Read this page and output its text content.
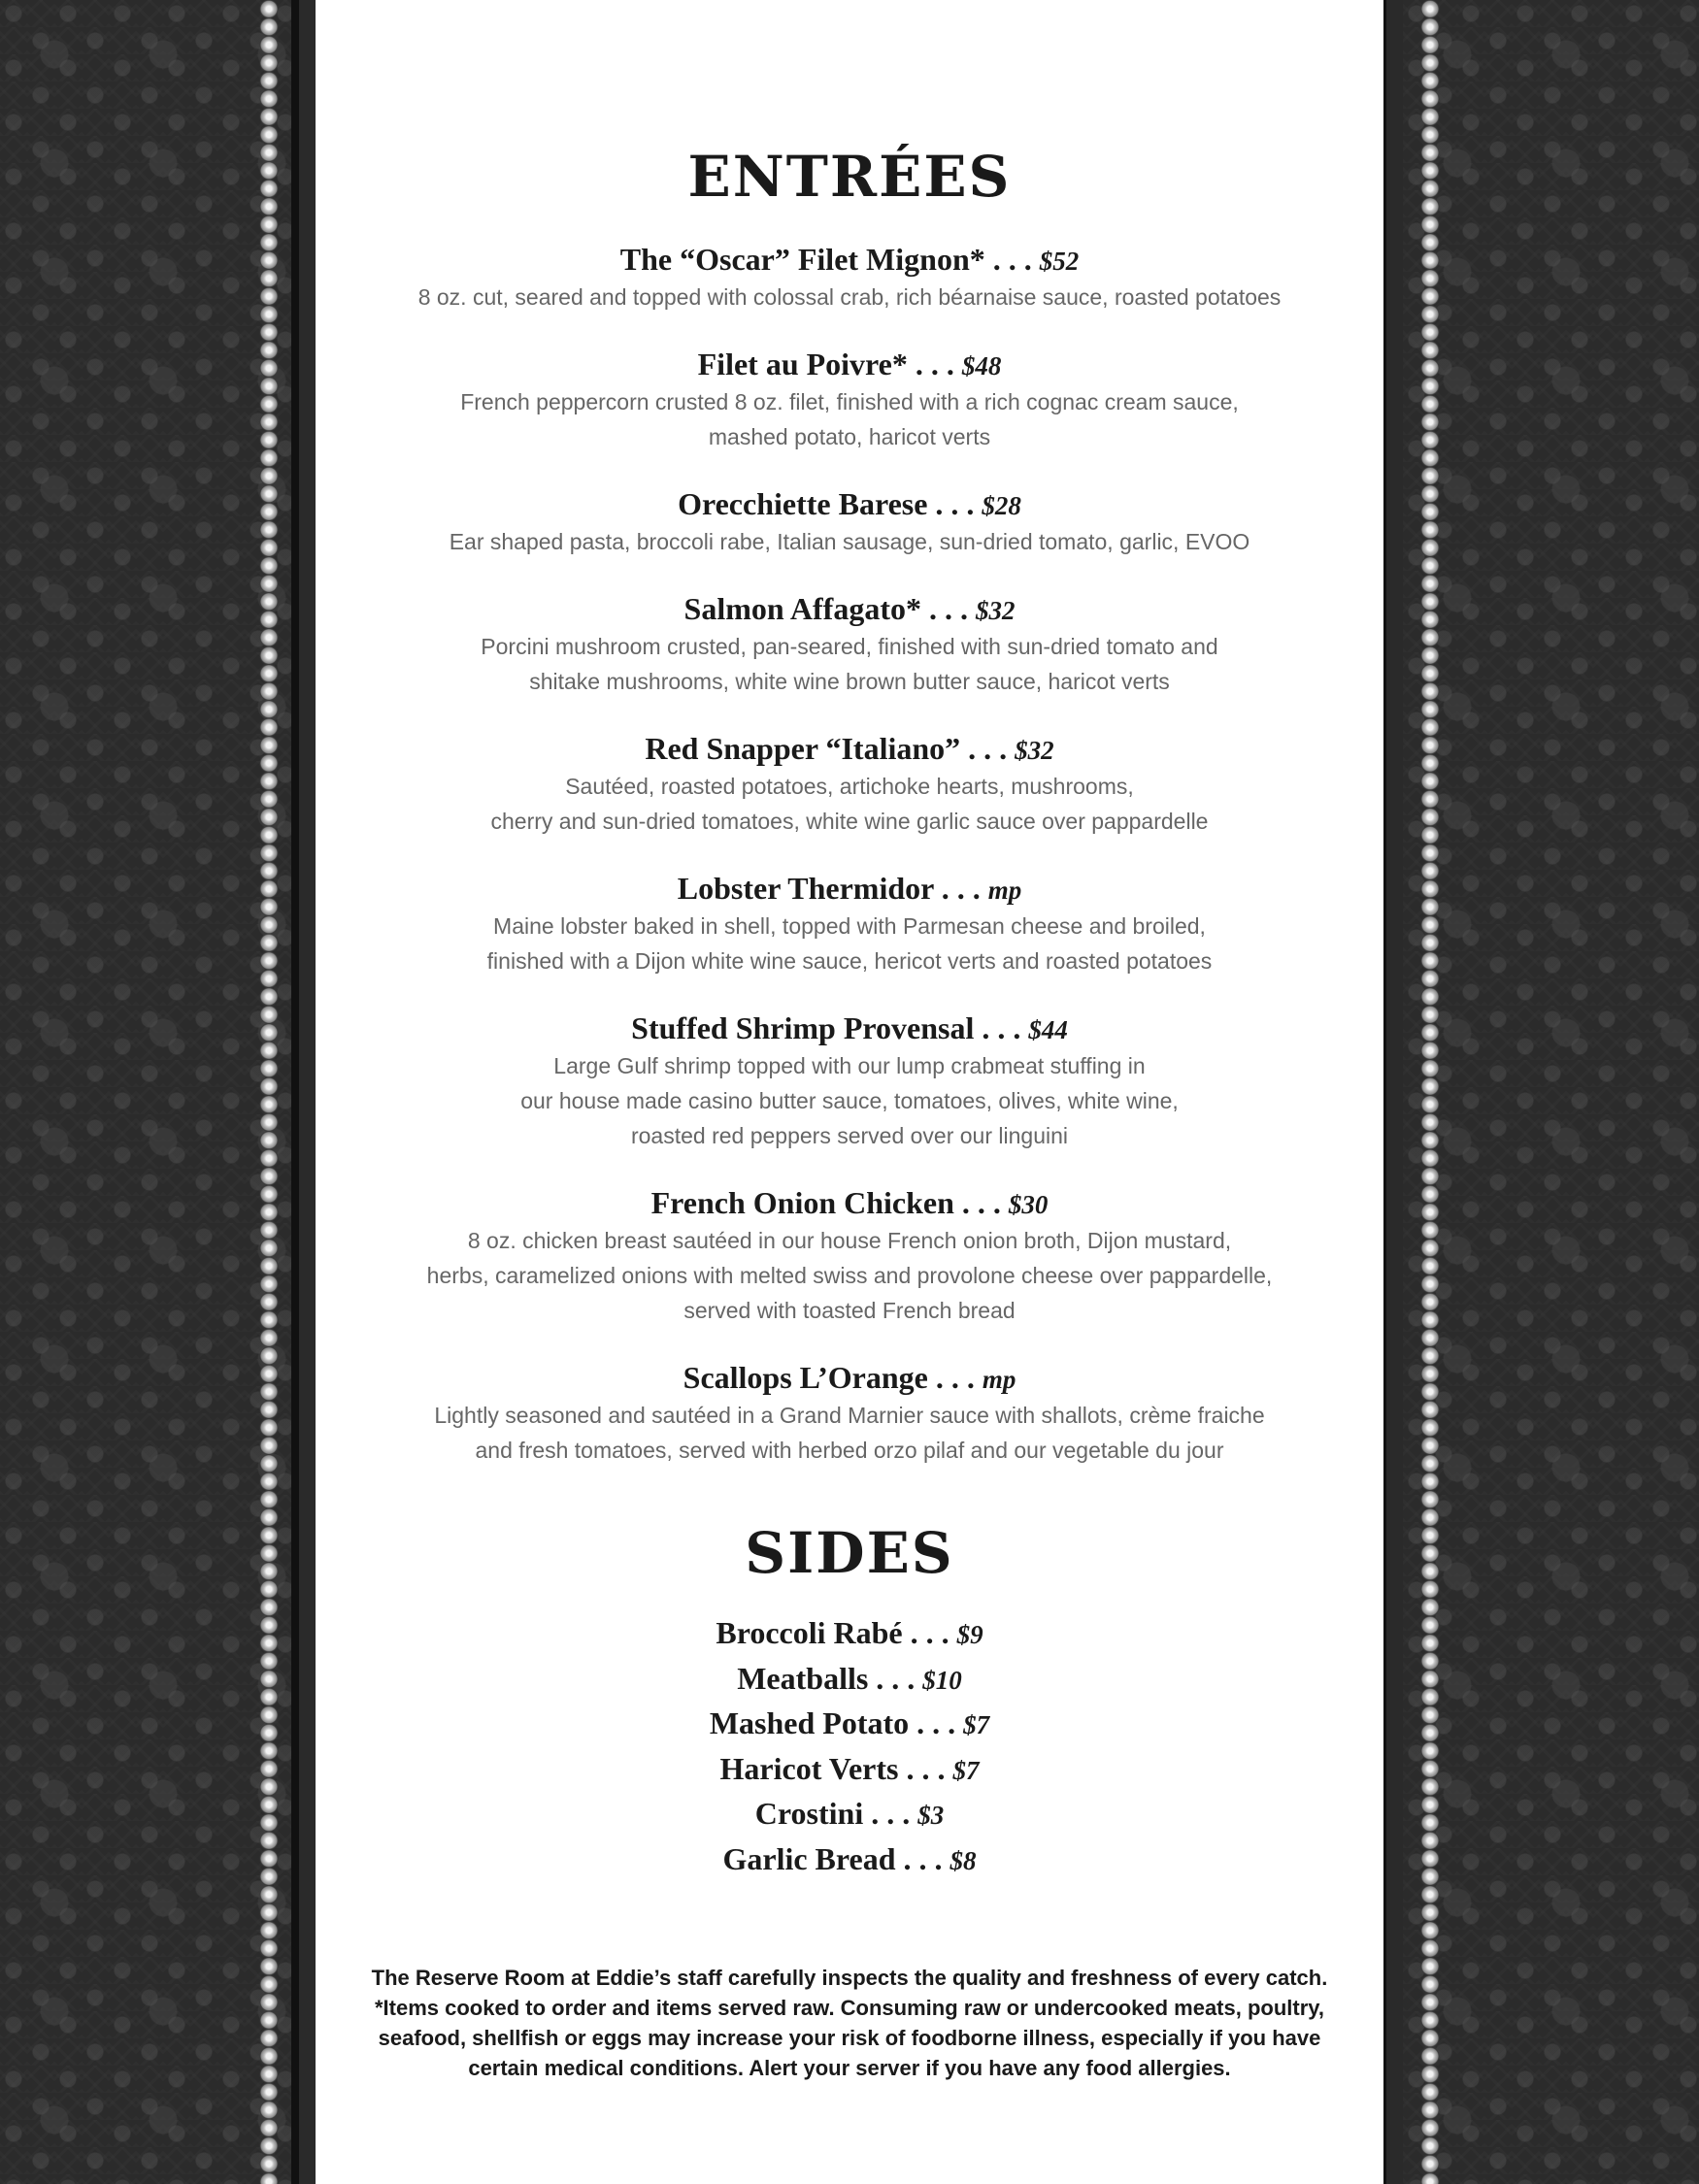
ENTRÉES
The “Oscar” Filet Mignon* . . . $52
8 oz. cut, seared and topped with colossal crab, rich béarnaise sauce, roasted potatoes
Filet au Poivre* . . . $48
French peppercorn crusted 8 oz. filet, finished with a rich cognac cream sauce,
mashed potato, haricot verts
Orecchiette Barese . . . $28
Ear shaped pasta, broccoli rabe, Italian sausage, sun-dried tomato, garlic, EVOO
Salmon Affagato* . . . $32
Porcini mushroom crusted, pan-seared, finished with sun-dried tomato and
shitake mushrooms, white wine brown butter sauce, haricot verts
Red Snapper “Italiano” . . . $32
Sautéed, roasted potatoes, artichoke hearts, mushrooms,
cherry and sun-dried tomatoes, white wine garlic sauce over pappardelle
Lobster Thermidor . . . mp
Maine lobster baked in shell, topped with Parmesan cheese and broiled,
finished with a Dijon white wine sauce, hericot verts and roasted potatoes
Stuffed Shrimp Provensal . . . $44
Large Gulf shrimp topped with our lump crabmeat stuffing in
our house made casino butter sauce, tomatoes, olives, white wine,
roasted red peppers served over our linguini
French Onion Chicken . . . $30
8 oz. chicken breast sautéed in our house French onion broth, Dijon mustard,
herbs, caramelized onions with melted swiss and provolone cheese over pappardelle,
served with toasted French bread
Scallops L’Orange . . . mp
Lightly seasoned and sautéed in a Grand Marnier sauce with shallots, crème fraiche
and fresh tomatoes, served with herbed orzo pilaf and our vegetable du jour
SIDES
Broccoli Rabé . . . $9
Meatballs . . . $10
Mashed Potato . . . $7
Haricot Verts . . . $7
Crostini . . . $3
Garlic Bread . . . $8
The Reserve Room at Eddie’s staff carefully inspects the quality and freshness of every catch.
*Items cooked to order and items served raw. Consuming raw or undercooked meats, poultry,
seafood, shellfish or eggs may increase your risk of foodborne illness, especially if you have
certain medical conditions. Alert your server if you have any food allergies.
